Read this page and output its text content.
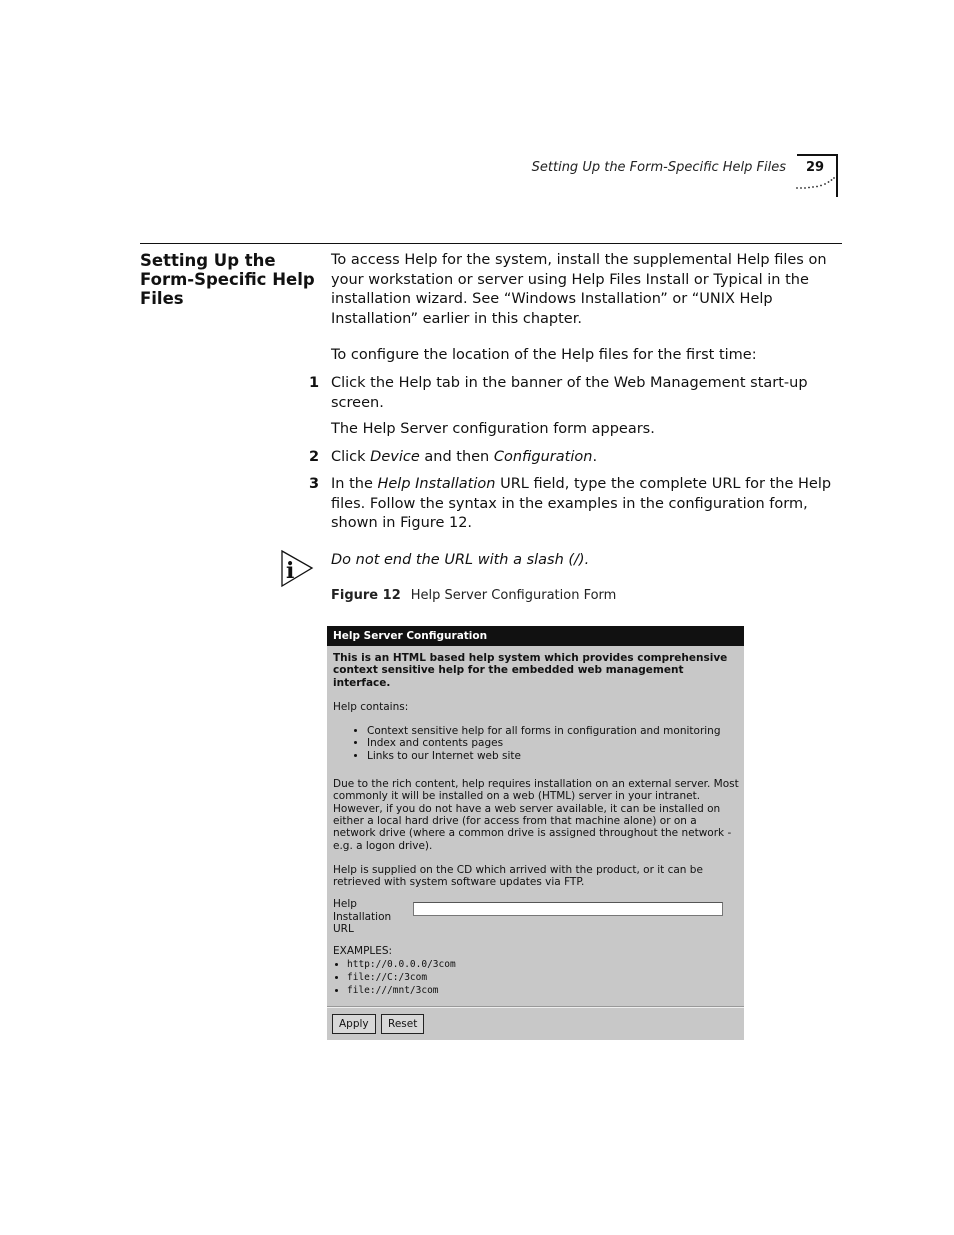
Setting Up the Form-Specific Help Files 29
Setting Up the Form-Specific Help Files

To access Help for the system, install the supplemental Help files on your workstation or server using Help Files Install or Typical in the installation wizard. See “Windows Installation” or “UNIX Help Installation” earlier in this chapter.

To configure the location of the Help files for the first time:

1 Click the Help tab in the banner of the Web Management start-up screen.

The Help Server configuration form appears.

2 Click Device and then Configuration.

3 In the Help Installation URL field, type the complete URL for the Help files. Follow the syntax in the examples in the configuration form, shown in Figure 12.

i	Do not end the URL with a slash (/).

Figure 12 Help Server Configuration Form
Help Server Configuration

This is an HTML based help system which provides comprehensive context sensitive help for the embedded web management interface.

Help contains:

• Context sensitive help for all forms in configuration and monitoring
• Index and contents pages
• Links to our Internet web site

Due to the rich content, help requires installation on an external server. Most commonly it will be installed on a web (HTML) server in your intranet. However, if you do not have a web server available, it can be installed on either a local hard drive (for access from that machine alone) or on a network drive (where a common drive is assigned throughout the network - e.g. a logon drive).

Help is supplied on the CD which arrived with the product, or it can be retrieved with system software updates via FTP.

Help
Installation
URL

EXAMPLES:

• http://0.0.0.0/3com
• file://C:/3com
• file:///mnt/3com
Apply	Reset
